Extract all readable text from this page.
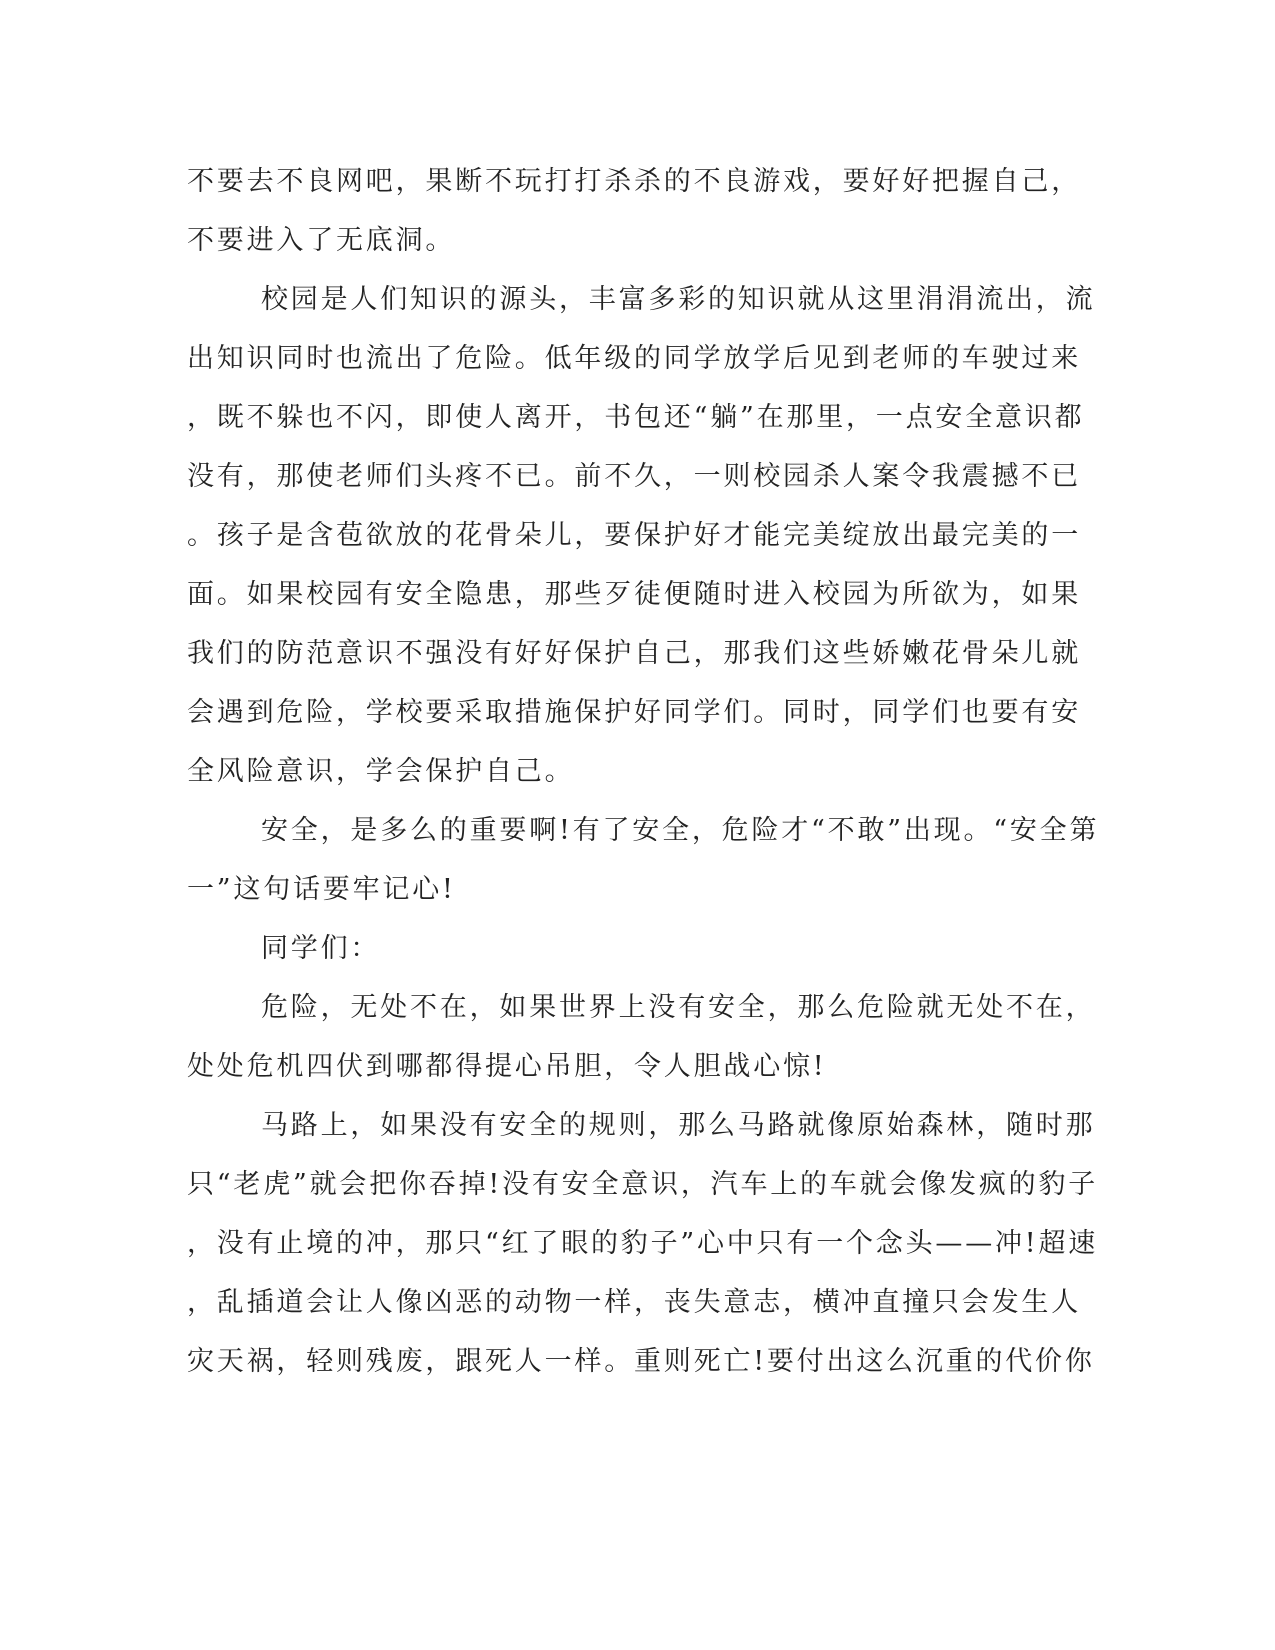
不要去不良网吧，果断不玩打打杀杀的不良游戏，要好好把握自己，
不要进入了无底洞。
校园是人们知识的源头，丰富多彩的知识就从这里涓涓流出，流
出知识同时也流出了危险。低年级的同学放学后见到老师的车驶过来
，既不躲也不闪，即使人离开，书包还“躺”在那里，一点安全意识都
没有，那使老师们头疼不已。前不久，一则校园杀人案令我震撼不已
。孩子是含苞欲放的花骨朵儿，要保护好才能完美绽放出最完美的一
面。如果校园有安全隐患，那些歹徒便随时进入校园为所欲为，如果
我们的防范意识不强没有好好保护自己，那我们这些娇嫩花骨朵儿就
会遇到危险，学校要采取措施保护好同学们。同时，同学们也要有安
全风险意识，学会保护自己。
安全，是多么的重要啊!有了安全，危险才“不敢”出现。“安全第
一”这句话要牢记心!
同学们：
危险，无处不在，如果世界上没有安全，那么危险就无处不在，
处处危机四伏到哪都得提心吊胆，令人胆战心惊!
马路上，如果没有安全的规则，那么马路就像原始森林，随时那
只“老虎”就会把你吞掉!没有安全意识，汽车上的车就会像发疯的豹子
，没有止境的冲，那只“红了眼的豹子”心中只有一个念头——冲!超速
，乱插道会让人像凶恶的动物一样，丧失意志，横冲直撞只会发生人
灾天祸，轻则残废，跟死人一样。重则死亡!要付出这么沉重的代价你
